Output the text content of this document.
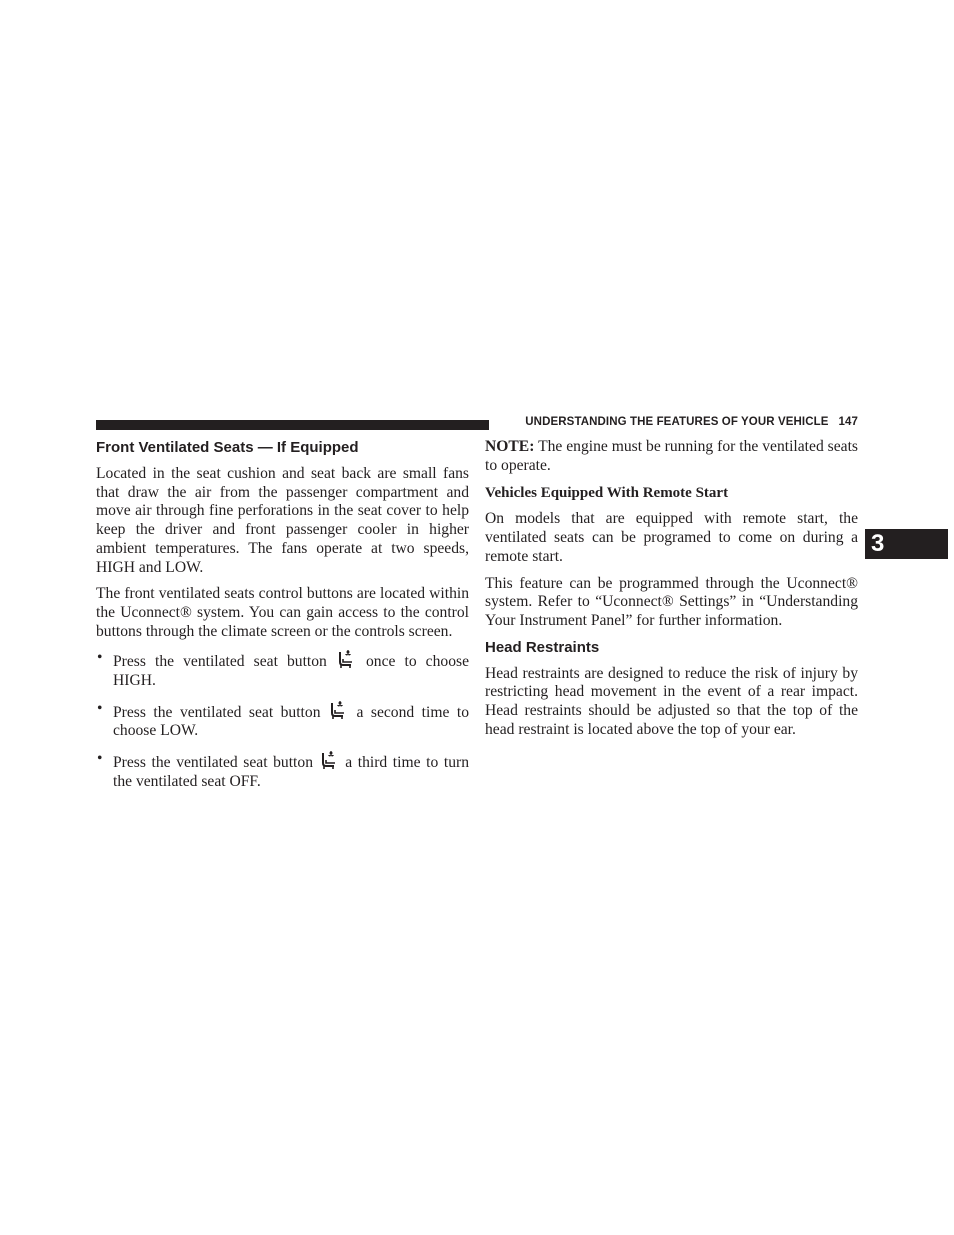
UNDERSTANDING THE FEATURES OF YOUR VEHICLE 147
3
Front Ventilated Seats — If Equipped

Located in the seat cushion and seat back are small fans that draw the air from the passenger compartment and move air through fine perforations in the seat cover to help keep the driver and front passenger cooler in higher ambient temperatures. The fans operate at two speeds, HIGH and LOW.

The front ventilated seats control buttons are located within the Uconnect® system. You can gain access to the control buttons through the climate screen or the controls screen.

• Press the ventilated seat button	once to choose HIGH.
• Press the ventilated seat button a second time to choose LOW.
• Press the ventilated seat button a third time to turn the ventilated seat OFF.

NOTE: The engine must be running for the ventilated seats to operate.

Vehicles Equipped With Remote Start

On models that are equipped with remote start, the ventilated seats can be programed to come on during a remote start.

This feature can be programmed through the Uconnect® system. Refer to “Uconnect® Settings” in “Understanding Your Instrument Panel” for further information.

Head Restraints

Head restraints are designed to reduce the risk of injury by restricting head movement in the event of a rear impact. Head restraints should be adjusted so that the top of the head restraint is located above the top of your ear.
